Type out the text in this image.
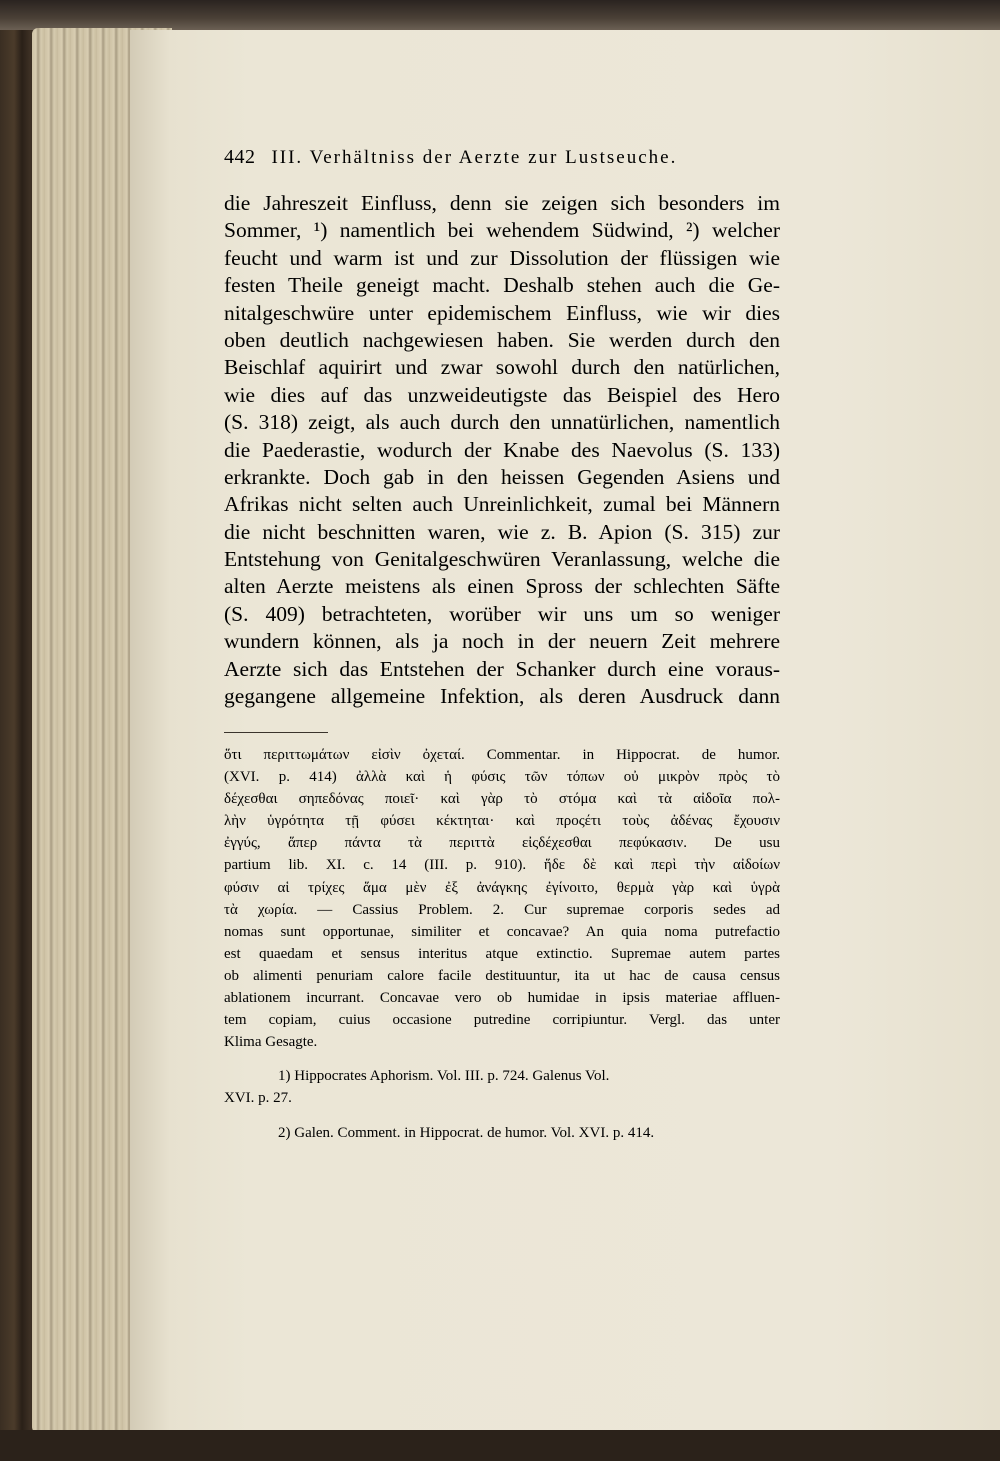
442 III. Verhältniss der Aerzte zur Lustseuche.
die Jahreszeit Einfluss, denn sie zeigen sich besonders im
Sommer, ¹) namentlich bei wehendem Südwind, ²) welcher
feucht und warm ist und zur Dissolution der flüssigen wie
festen Theile geneigt macht. Deshalb stehen auch die Ge-
nitalgeschwüre unter epidemischem Einfluss, wie wir dies
oben deutlich nachgewiesen haben. Sie werden durch den
Beischlaf aquirirt und zwar sowohl durch den natürlichen,
wie dies auf das unzweideutigste das Beispiel des Hero
(S. 318) zeigt, als auch durch den unnatürlichen, namentlich
die Paederastie, wodurch der Knabe des Naevolus (S. 133)
erkrankte. Doch gab in den heissen Gegenden Asiens und
Afrikas nicht selten auch Unreinlichkeit, zumal bei Männern
die nicht beschnitten waren, wie z. B. Apion (S. 315) zur
Entstehung von Genitalgeschwüren Veranlassung, welche die
alten Aerzte meistens als einen Spross der schlechten Säfte
(S. 409) betrachteten, worüber wir uns um so weniger
wundern können, als ja noch in der neuern Zeit mehrere
Aerzte sich das Entstehen der Schanker durch eine voraus-
gegangene allgemeine Infektion, als deren Ausdruck dann
ὅτι περιττωμάτων εἰσὶν ὀχεταί. Commentar. in Hippocrat. de humor.
(XVI. p. 414) ἀλλὰ καὶ ἡ φύσις τῶν τόπων οὐ μικρὸν πρὸς τὸ
δέχεσθαι σηπεδόνας ποιεῖ· καὶ γὰρ τὸ στόμα καὶ τὰ αἰδοῖα πολ-
λὴν ὑγρότητα τῇ φύσει κέκτηται· καὶ προςέτι τοὺς ἀδένας ἔχουσιν
ἐγγύς, ἅπερ πάντα τὰ περιττὰ εἰςδέχεσθαι πεφύκασιν. De usu
partium lib. XI. c. 14 (III. p. 910). ἥδε δὲ καὶ περὶ τὴν αἰδοίων
φύσιν αἱ τρίχες ἅμα μὲν ἐξ ἀνάγκης ἐγίνοιτο, θερμὰ γὰρ καὶ ὑγρὰ
τὰ χωρία. — Cassius Problem. 2. Cur supremae corporis sedes ad
nomas sunt opportunae, similiter et concavae? An quia noma putrefactio
est quaedam et sensus interitus atque extinctio. Supremae autem partes
ob alimenti penuriam calore facile destituuntur, ita ut hac de causa census
ablationem incurrant. Concavae vero ob humidae in ipsis materiae affluen-
tem copiam, cuius occasione putredine corripiuntur. Vergl. das unter
Klima Gesagte.
1) Hippocrates Aphorism. Vol. III. p. 724. Galenus Vol.
XVI. p. 27.
2) Galen. Comment. in Hippocrat. de humor. Vol. XVI. p. 414.
